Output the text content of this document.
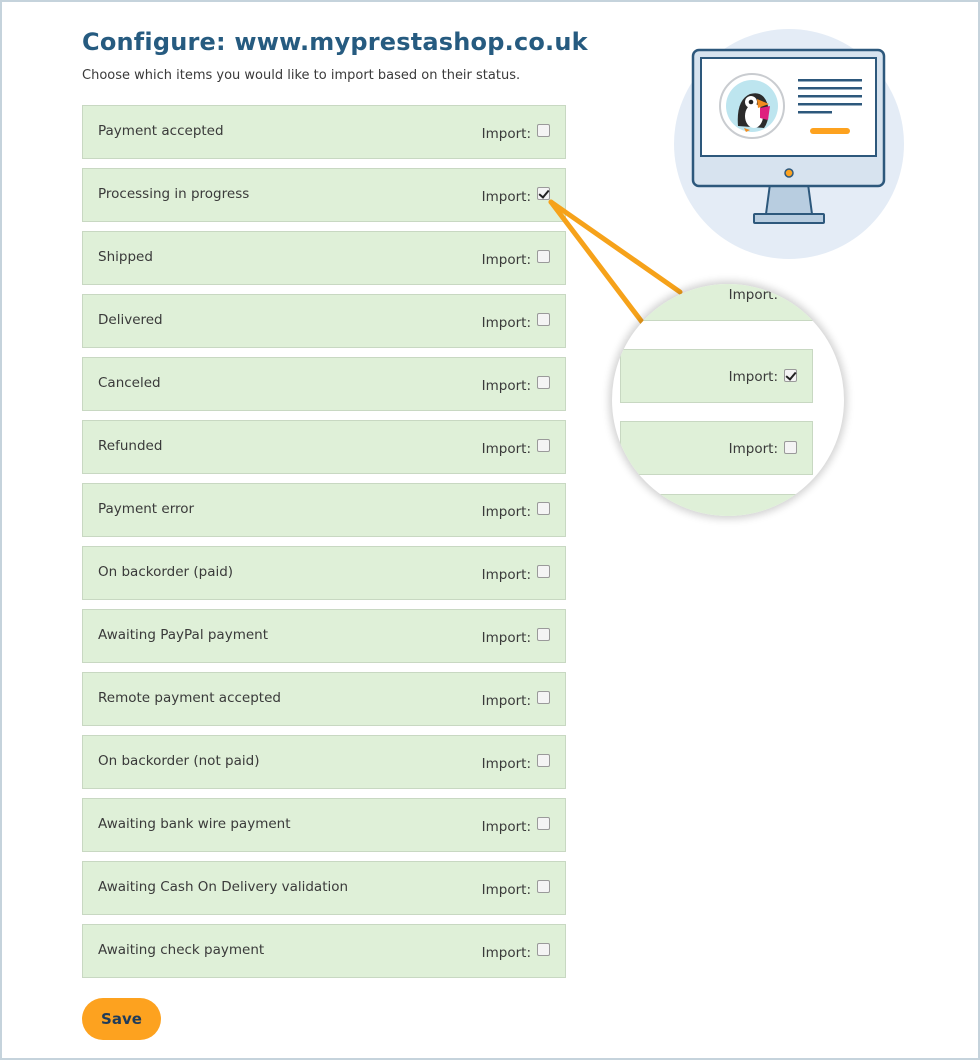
Configure: www.myprestashop.co.uk

Choose which items you would like to import based on their status.

Payment accepted	Import:
Processing in progress	Import:
Shipped	Import:
Delivered	Import:
Canceled	Import:
Refunded	Import:
Payment error	Import:
On backorder (paid)	Import:
Awaiting PayPal payment	Import:
Remote payment accepted	Import:
On backorder (not paid)	Import:
Awaiting bank wire payment	Import:
Awaiting Cash On Delivery validation	Import:
Awaiting check payment	Import:
Save
Import:
Import:
Import:
